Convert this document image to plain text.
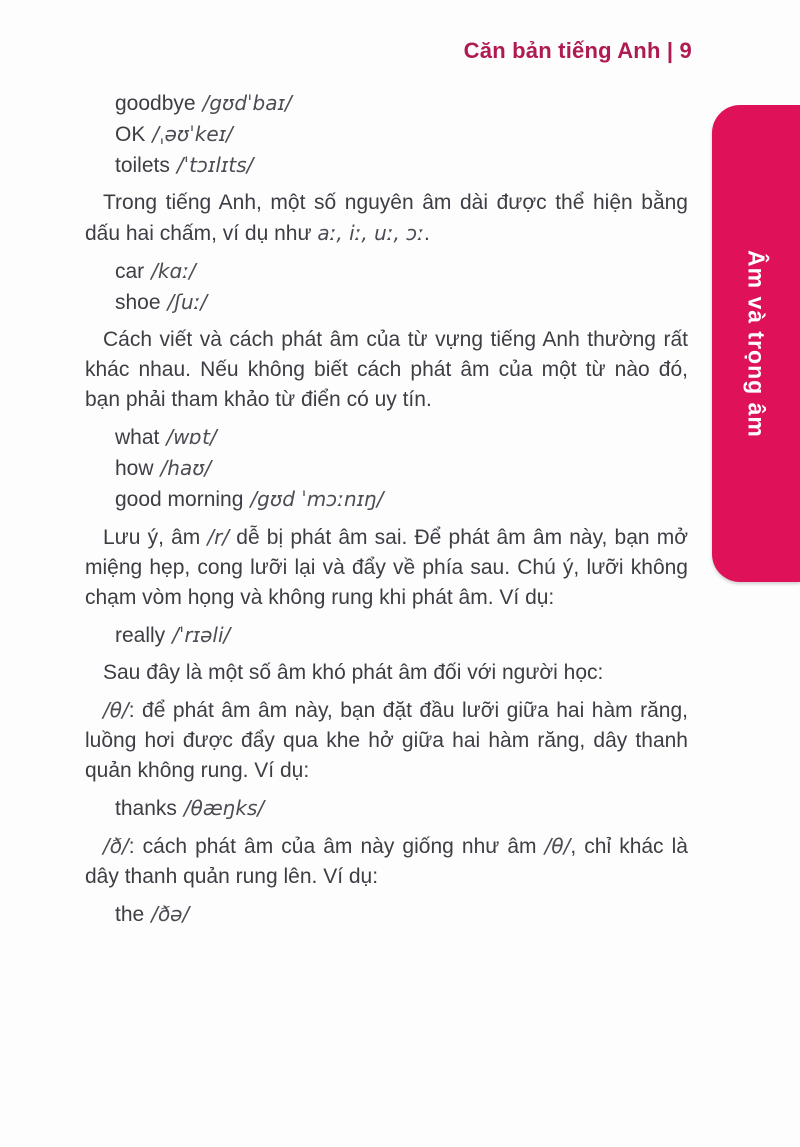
Căn bản tiếng Anh | 9
Âm và trọng âm
goodbye /gʊdˈbaɪ/
OK /ˌəʊˈkeɪ/
toilets /ˈtɔɪlɪts/

Trong tiếng Anh, một số nguyên âm dài được thể hiện bằng dấu hai chấm, ví dụ như aː, iː, uː, ɔː.

car /kɑː/
shoe /ʃuː/

Cách viết và cách phát âm của từ vựng tiếng Anh thường rất khác nhau. Nếu không biết cách phát âm của một từ nào đó, bạn phải tham khảo từ điển có uy tín.

what /wɒt/
how /haʊ/
good morning /gʊd ˈmɔːnɪŋ/

Lưu ý, âm /r/ dễ bị phát âm sai. Để phát âm âm này, bạn mở miệng hẹp, cong lưỡi lại và đẩy về phía sau. Chú ý, lưỡi không chạm vòm họng và không rung khi phát âm. Ví dụ:

really /ˈrɪəli/

Sau đây là một số âm khó phát âm đối với người học:

/θ/: để phát âm âm này, bạn đặt đầu lưỡi giữa hai hàm răng, luồng hơi được đẩy qua khe hở giữa hai hàm răng, dây thanh quản không rung. Ví dụ:

thanks /θæŋks/

/ð/: cách phát âm của âm này giống như âm /θ/, chỉ khác là dây thanh quản rung lên. Ví dụ:

the /ðə/
